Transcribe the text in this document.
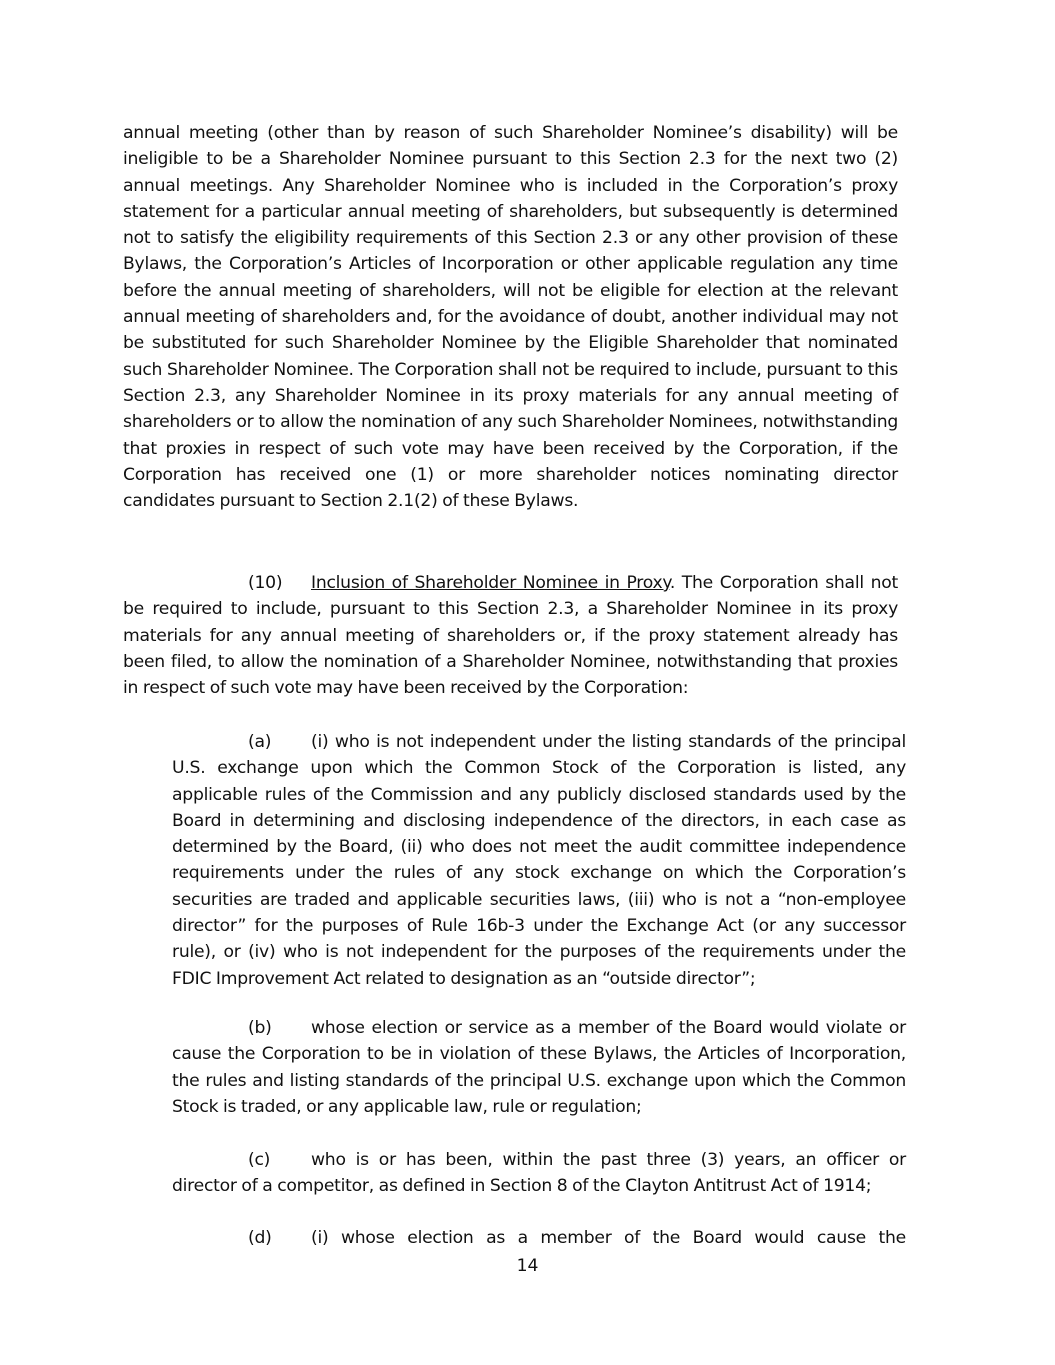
annual meeting (other than by reason of such Shareholder Nominee’s disability) will be ineligible to be a Shareholder Nominee pursuant to this Section 2.3 for the next two (2) annual meetings. Any Shareholder Nominee who is included in the Corporation’s proxy statement for a particular annual meeting of shareholders, but subsequently is determined not to satisfy the eligibility requirements of this Section 2.3 or any other provision of these Bylaws, the Corporation’s Articles of Incorporation or other applicable regulation any time before the annual meeting of shareholders, will not be eligible for election at the relevant annual meeting of shareholders and, for the avoidance of doubt, another individual may not be substituted for such Shareholder Nominee by the Eligible Shareholder that nominated such Shareholder Nominee. The Corporation shall not be required to include, pursuant to this Section 2.3, any Shareholder Nominee in its proxy materials for any annual meeting of shareholders or to allow the nomination of any such Shareholder Nominees, notwithstanding that proxies in respect of such vote may have been received by the Corporation, if the Corporation has received one (1) or more shareholder notices nominating director candidates pursuant to Section 2.1(2) of these Bylaws.

(10) Inclusion of Shareholder Nominee in Proxy. The Corporation shall not be required to include, pursuant to this Section 2.3, a Shareholder Nominee in its proxy materials for any annual meeting of shareholders or, if the proxy statement already has been filed, to allow the nomination of a Shareholder Nominee, notwithstanding that proxies in respect of such vote may have been received by the Corporation:

(a) (i) who is not independent under the listing standards of the principal U.S. exchange upon which the Common Stock of the Corporation is listed, any applicable rules of the Commission and any publicly disclosed standards used by the Board in determining and disclosing independence of the directors, in each case as determined by the Board, (ii) who does not meet the audit committee independence requirements under the rules of any stock exchange on which the Corporation’s securities are traded and applicable securities laws, (iii) who is not a “non-employee director” for the purposes of Rule 16b-3 under the Exchange Act (or any successor rule), or (iv) who is not independent for the purposes of the requirements under the FDIC Improvement Act related to designation as an “outside director”;

(b) whose election or service as a member of the Board would violate or cause the Corporation to be in violation of these Bylaws, the Articles of Incorporation, the rules and listing standards of the principal U.S. exchange upon which the Common Stock is traded, or any applicable law, rule or regulation;

(c) who is or has been, within the past three (3) years, an officer or director of a competitor, as defined in Section 8 of the Clayton Antitrust Act of 1914;

(d) (i) whose election as a member of the Board would cause the

14
